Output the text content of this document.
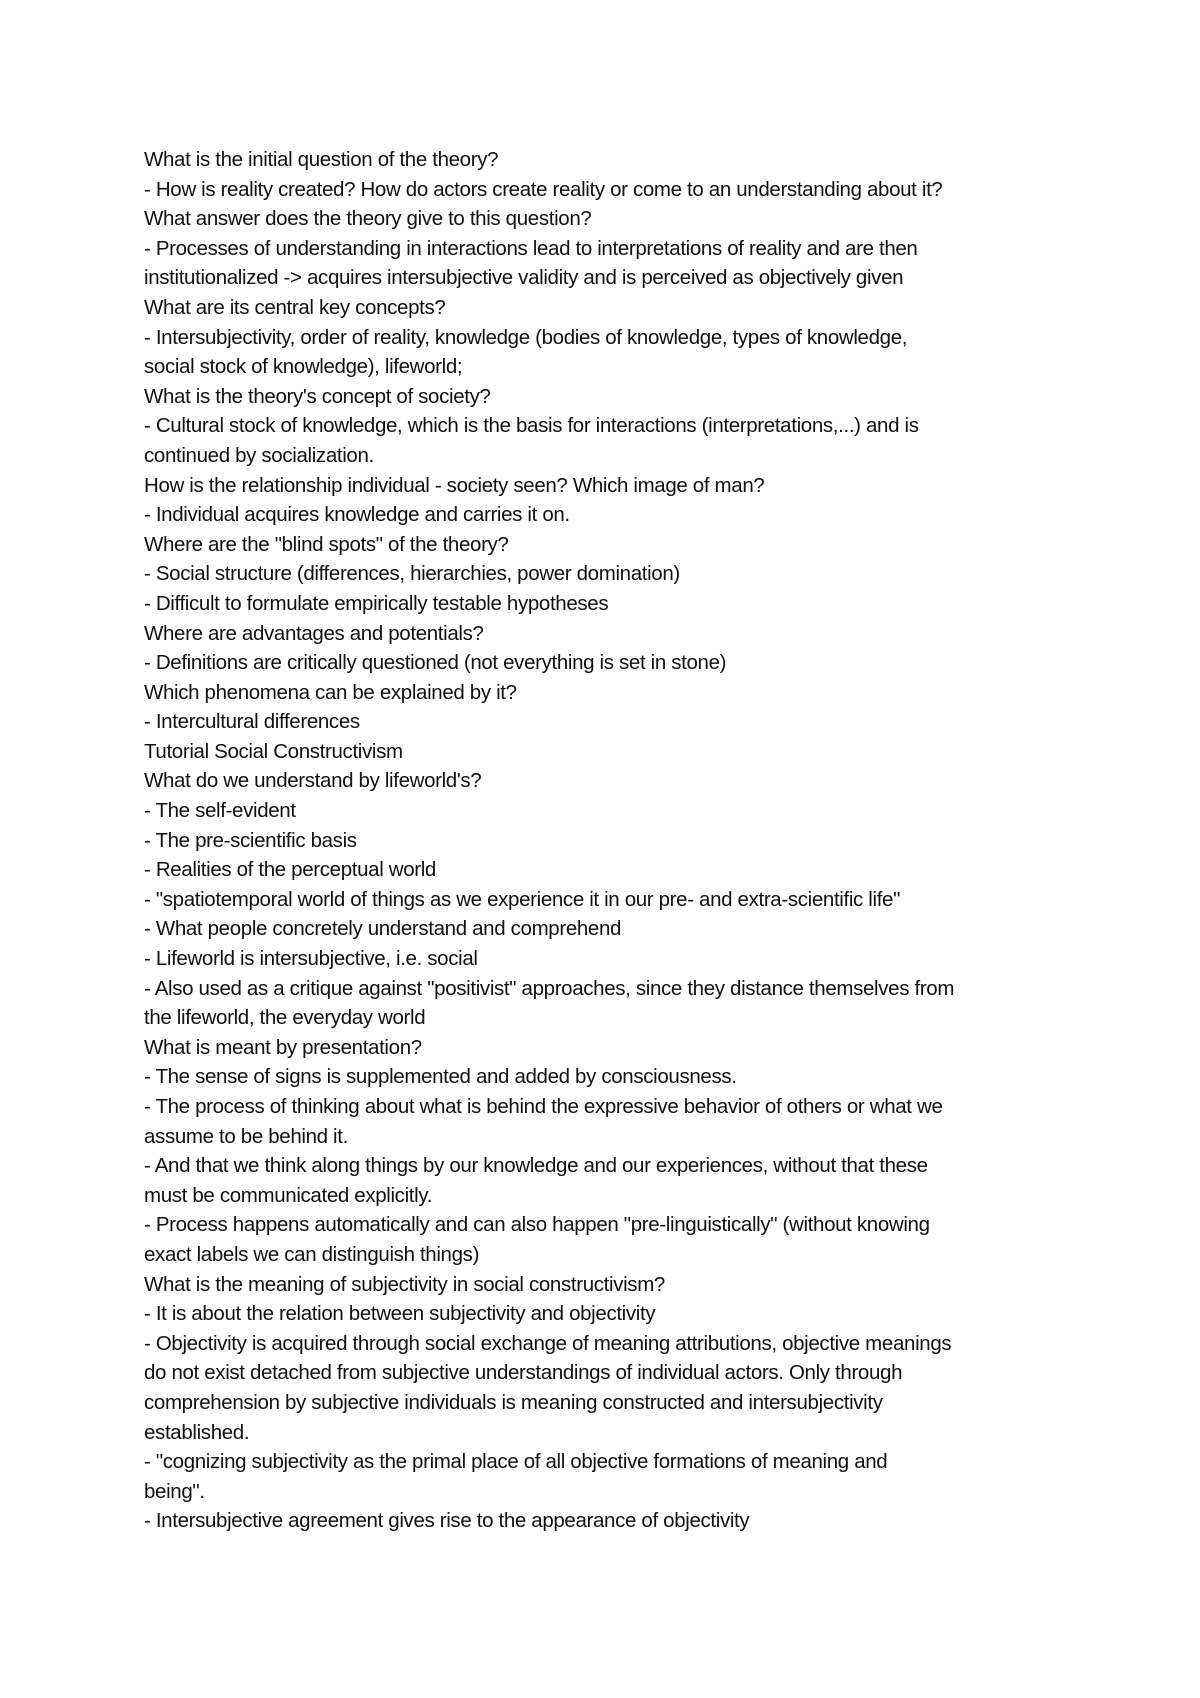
What is the initial question of the theory?
- How is reality created? How do actors create reality or come to an understanding about it?
What answer does the theory give to this question?
- Processes of understanding in interactions lead to interpretations of reality and are then
institutionalized -> acquires intersubjective validity and is perceived as objectively given
What are its central key concepts?
- Intersubjectivity, order of reality, knowledge (bodies of knowledge, types of knowledge,
social stock of knowledge), lifeworld;
What is the theory's concept of society?
- Cultural stock of knowledge, which is the basis for interactions (interpretations,...) and is
continued by socialization.
How is the relationship individual - society seen? Which image of man?
- Individual acquires knowledge and carries it on.
Where are the "blind spots" of the theory?
- Social structure (differences, hierarchies, power domination)
- Difficult to formulate empirically testable hypotheses
Where are advantages and potentials?
- Definitions are critically questioned (not everything is set in stone)
Which phenomena can be explained by it?
- Intercultural differences
Tutorial Social Constructivism
What do we understand by lifeworld's?
- The self-evident
- The pre-scientific basis
- Realities of the perceptual world
- "spatiotemporal world of things as we experience it in our pre- and extra-scientific life"
- What people concretely understand and comprehend
- Lifeworld is intersubjective, i.e. social
- Also used as a critique against "positivist" approaches, since they distance themselves from
the lifeworld, the everyday world
What is meant by presentation?
- The sense of signs is supplemented and added by consciousness.
- The process of thinking about what is behind the expressive behavior of others or what we
assume to be behind it.
- And that we think along things by our knowledge and our experiences, without that these
must be communicated explicitly.
- Process happens automatically and can also happen "pre-linguistically" (without knowing
exact labels we can distinguish things)
What is the meaning of subjectivity in social constructivism?
- It is about the relation between subjectivity and objectivity
- Objectivity is acquired through social exchange of meaning attributions, objective meanings
do not exist detached from subjective understandings of individual actors. Only through
comprehension by subjective individuals is meaning constructed and intersubjectivity
established.
- "cognizing subjectivity as the primal place of all objective formations of meaning and
being".
- Intersubjective agreement gives rise to the appearance of objectivity
